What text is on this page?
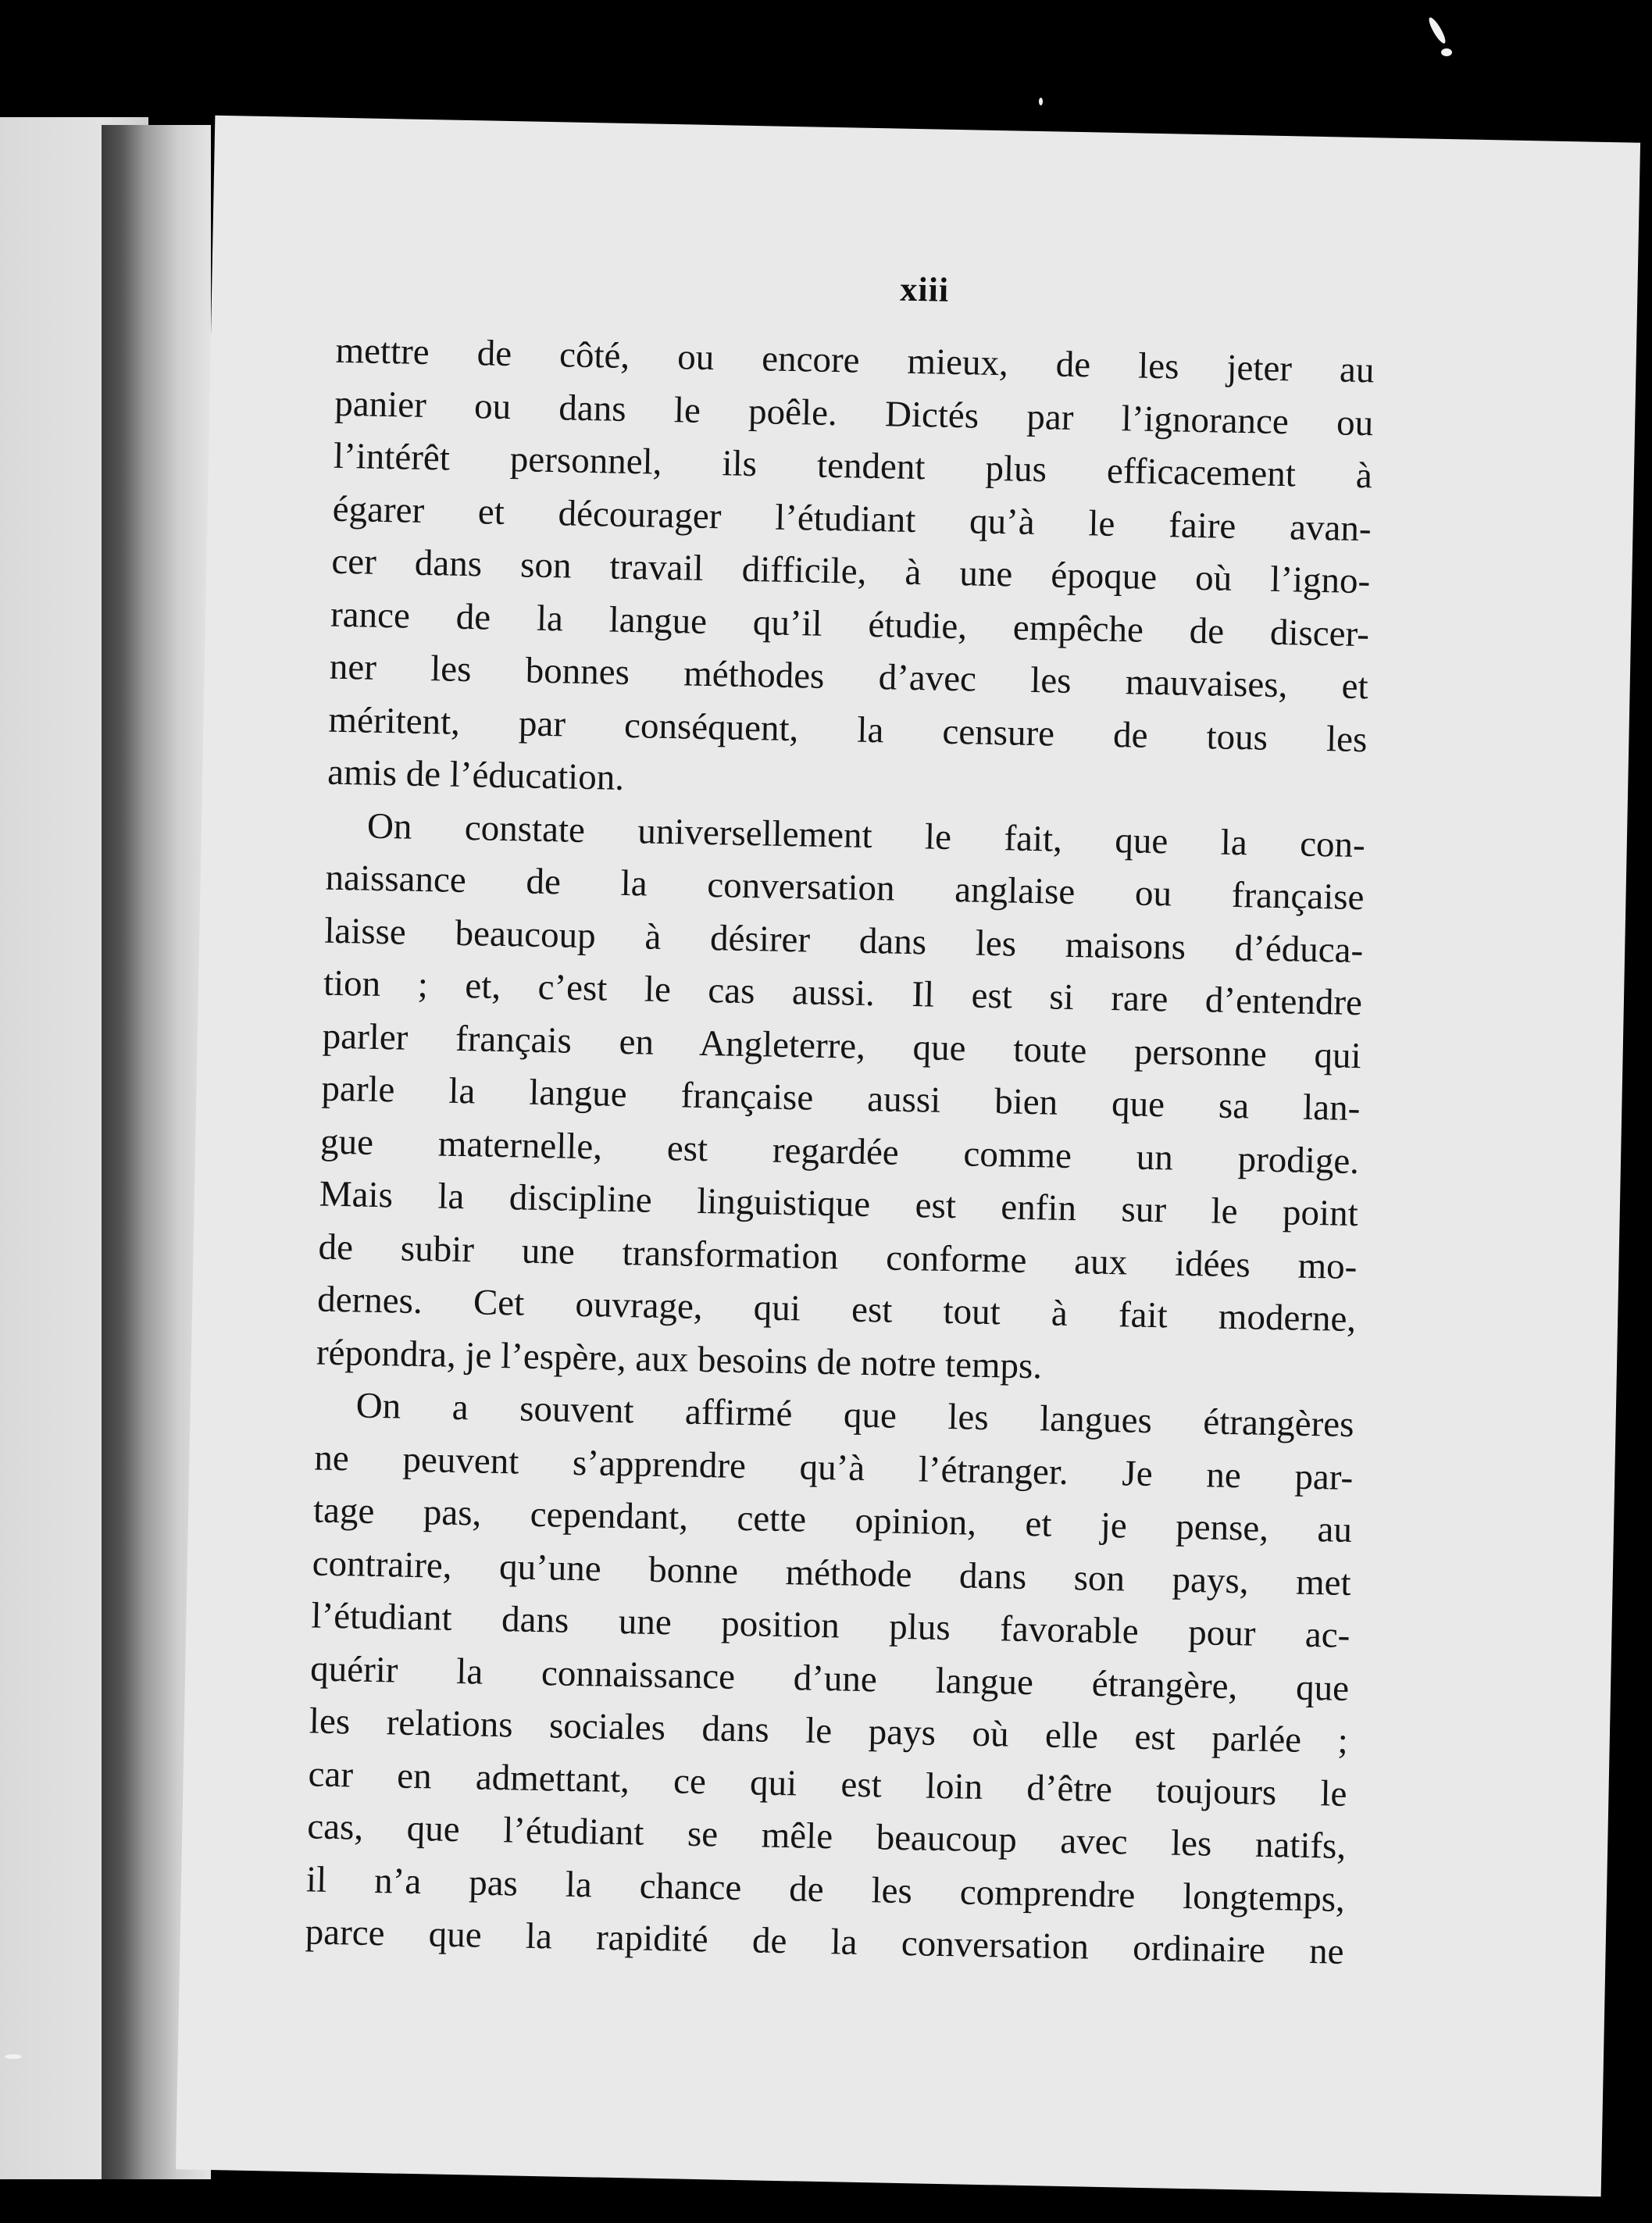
xiii
mettre de côté, ou encore mieux, de les jeter au
panier ou dans le poêle. Dictés par l’ignorance ou
l’intérêt personnel, ils tendent plus efficacement à
égarer et décourager l’étudiant qu’à le faire avan-
cer dans son travail difficile, à une époque où l’igno-
rance de la langue qu’il étudie, empêche de discer-
ner les bonnes méthodes d’avec les mauvaises, et
méritent, par conséquent, la censure de tous les
amis de l’éducation.
On constate universellement le fait, que la con-
naissance de la conversation anglaise ou française
laisse beaucoup à désirer dans les maisons d’éduca-
tion ; et, c’est le cas aussi. Il est si rare d’entendre
parler français en Angleterre, que toute personne qui
parle la langue française aussi bien que sa lan-
gue maternelle, est regardée comme un prodige.
Mais la discipline linguistique est enfin sur le point
de subir une transformation conforme aux idées mo-
dernes. Cet ouvrage, qui est tout à fait moderne,
répondra, je l’espère, aux besoins de notre temps.
On a souvent affirmé que les langues étrangères
ne peuvent s’apprendre qu’à l’étranger. Je ne par-
tage pas, cependant, cette opinion, et je pense, au
contraire, qu’une bonne méthode dans son pays, met
l’étudiant dans une position plus favorable pour ac-
quérir la connaissance d’une langue étrangère, que
les relations sociales dans le pays où elle est parlée ;
car en admettant, ce qui est loin d’être toujours le
cas, que l’étudiant se mêle beaucoup avec les natifs,
il n’a pas la chance de les comprendre longtemps,
parce que la rapidité de la conversation ordinaire ne
